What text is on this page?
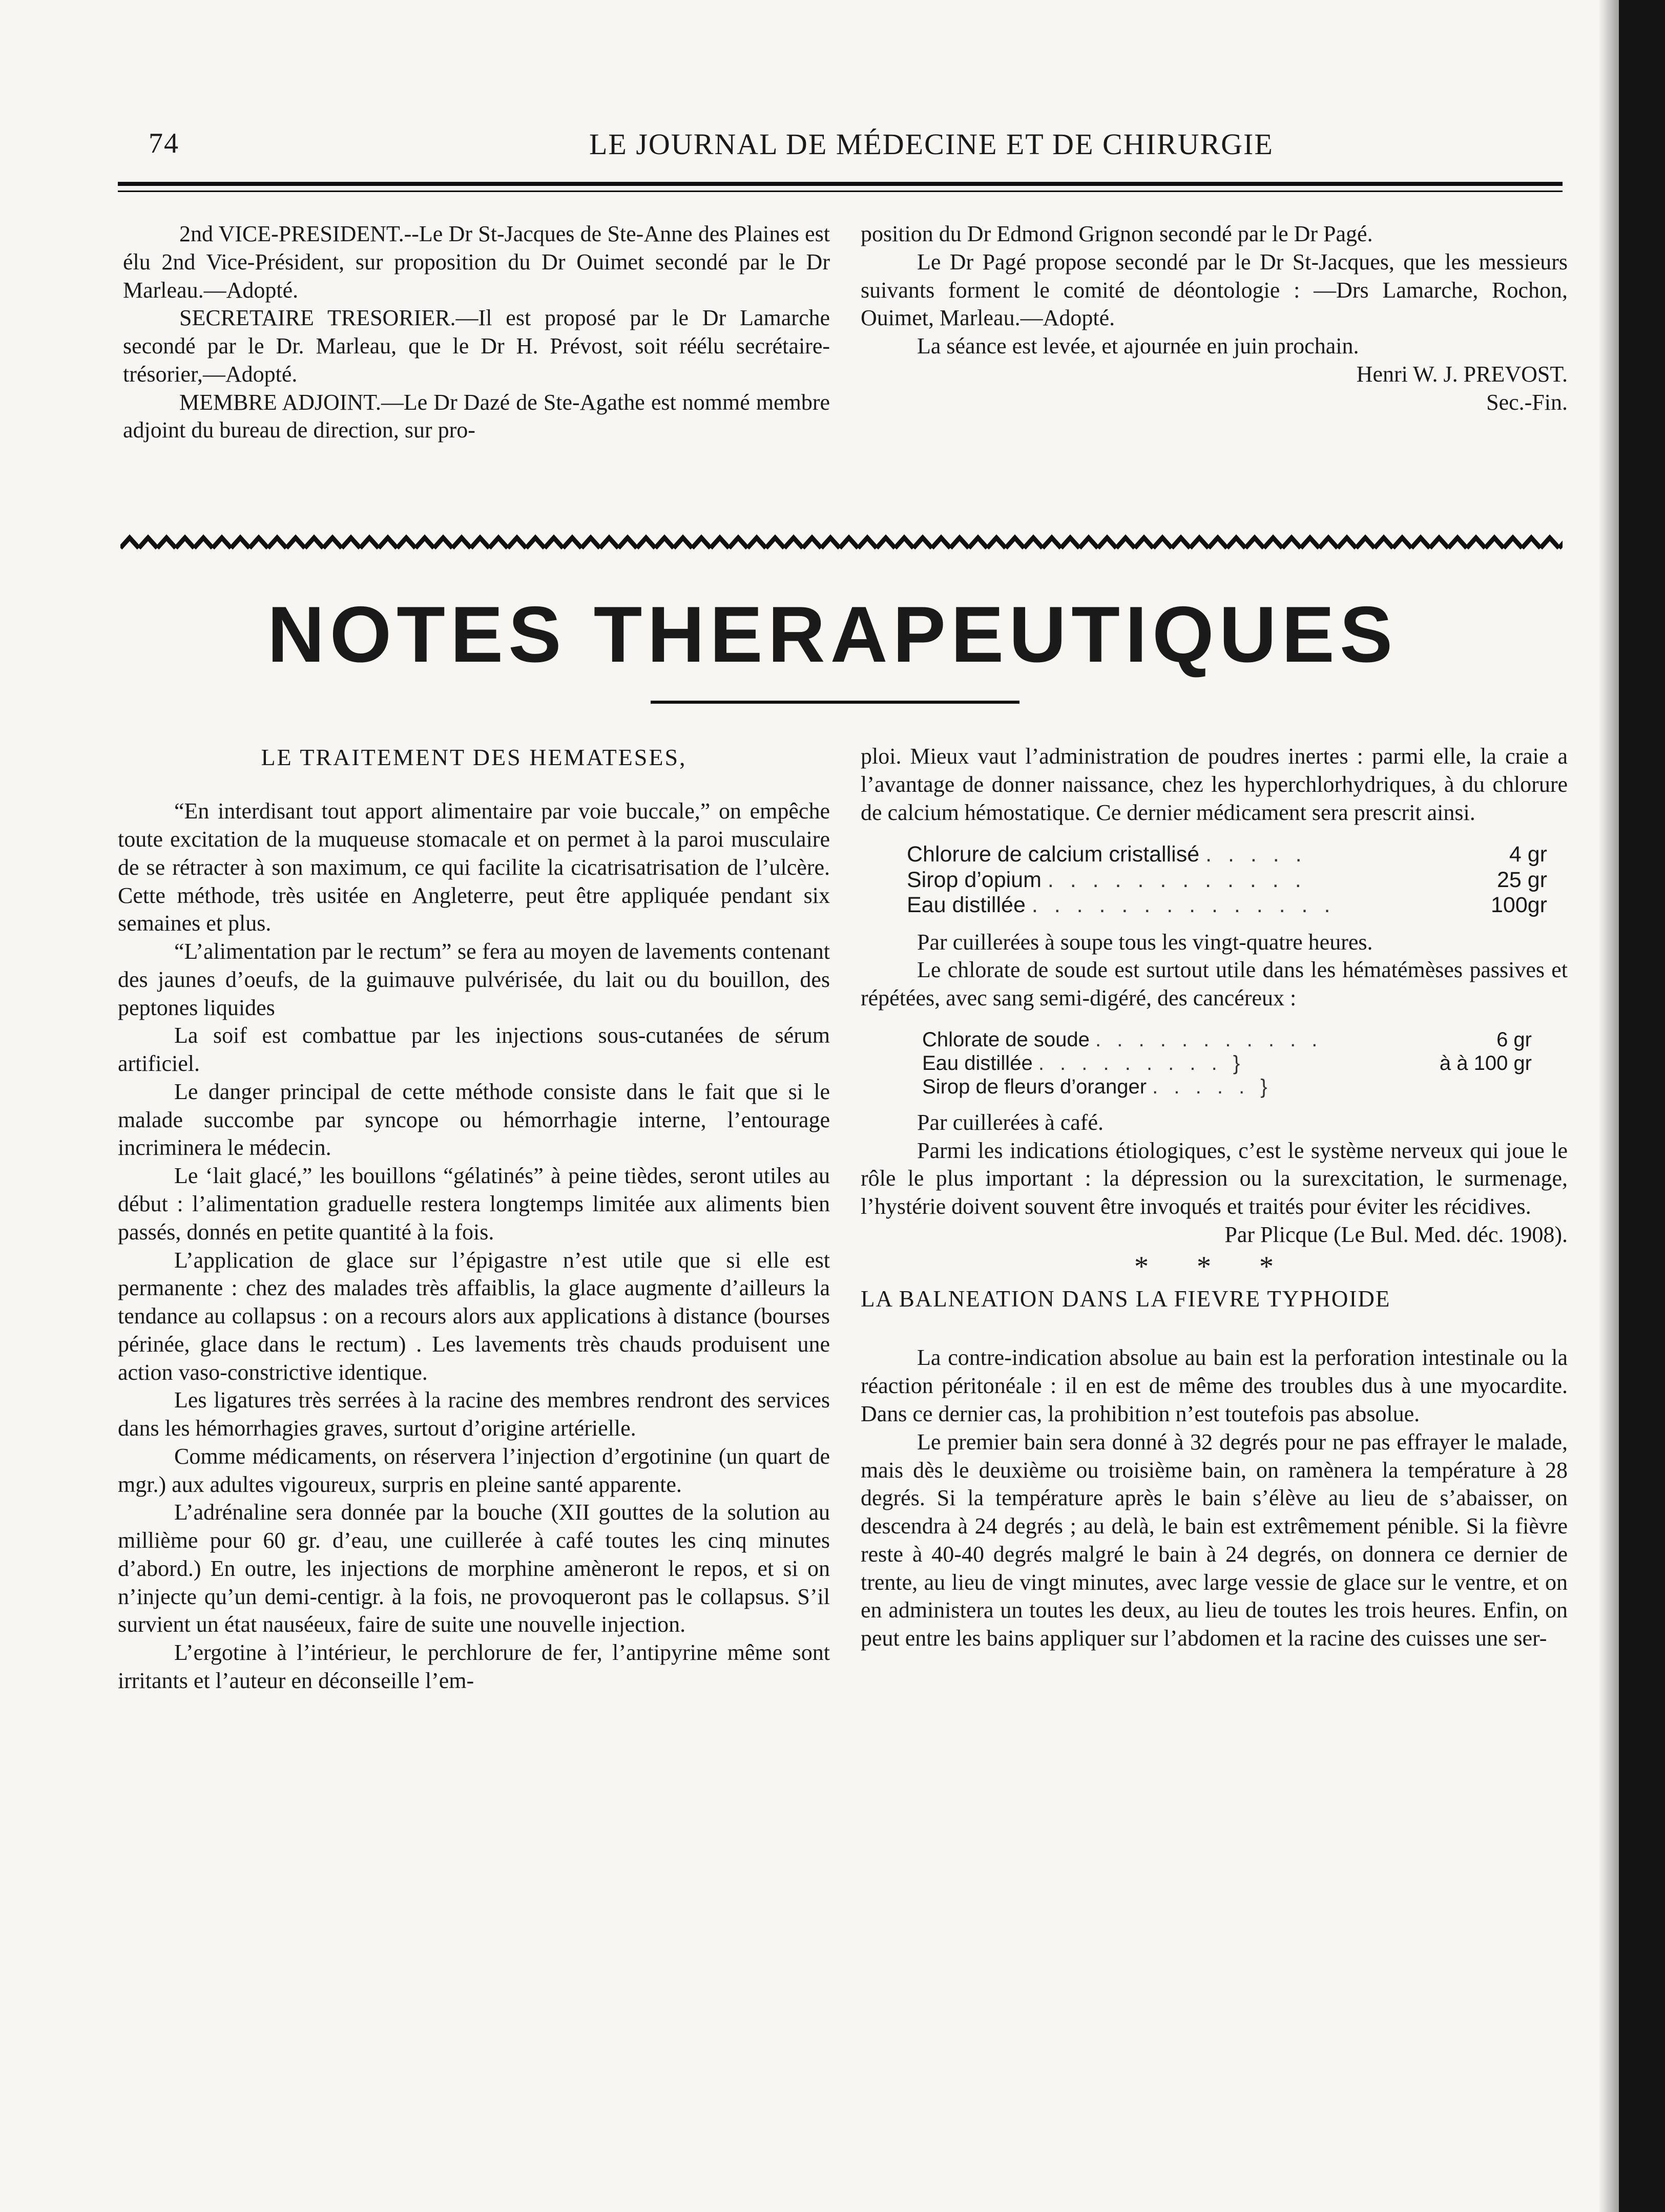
74	LE JOURNAL DE MÉDECINE ET DE CHIRURGIE

2nd VICE-PRESIDENT.--Le Dr St-Jacques de Ste-Anne des Plaines est élu 2nd Vice-Président, sur proposition du Dr Ouimet secondé par le Dr Marleau.—Adopté.

SECRETAIRE TRESORIER.—Il est proposé par le Dr Lamarche secondé par le Dr. Marleau, que le Dr H. Prévost, soit réélu secrétaire-trésorier,—Adopté.

MEMBRE ADJOINT.—Le Dr Dazé de Ste-Agathe est nommé membre adjoint du bureau de direction, sur pro-

position du Dr Edmond Grignon secondé par le Dr Pagé.

Le Dr Pagé propose secondé par le Dr St-Jacques, que les messieurs suivants forment le comité de déontologie : —Drs Lamarche, Rochon, Ouimet, Marleau.—Adopté.

La séance est levée, et ajournée en juin prochain.

Henri W. J. PREVOST.

Sec.-Fin.

NOTES THERAPEUTIQUES

LE TRAITEMENT DES HEMATESES,

“En interdisant tout apport alimentaire par voie buccale,” on empêche toute excitation de la muqueuse stomacale et on permet à la paroi musculaire de se rétracter à son maximum, ce qui facilite la cicatrisatrisation de l’ulcère. Cette méthode, très usitée en Angleterre, peut être appliquée pendant six semaines et plus.

“L’alimentation par le rectum” se fera au moyen de lavements contenant des jaunes d’oeufs, de la guimauve pulvérisée, du lait ou du bouillon, des peptones liquides

La soif est combattue par les injections sous-cutanées de sérum artificiel.

Le danger principal de cette méthode consiste dans le fait que si le malade succombe par syncope ou hémorrhagie interne, l’entourage incriminera le médecin.

Le ‘lait glacé,” les bouillons “gélatinés” à peine tièdes, seront utiles au début : l’alimentation graduelle restera longtemps limitée aux aliments bien passés, donnés en petite quantité à la fois.

L’application de glace sur l’épigastre n’est utile que si elle est permanente : chez des malades très affaiblis, la glace augmente d’ailleurs la tendance au collapsus : on a recours alors aux applications à distance (bourses périnée, glace dans le rectum) . Les lavements très chauds produisent une action vaso-constrictive identique.

Les ligatures très serrées à la racine des membres rendront des services dans les hémorrhagies graves, surtout d’origine artérielle.

Comme médicaments, on réservera l’injection d’ergotinine (un quart de mgr.) aux adultes vigoureux, surpris en pleine santé apparente.

L’adrénaline sera donnée par la bouche (XII gouttes de la solution au millième pour 60 gr. d’eau, une cuillerée à café toutes les cinq minutes d’abord.) En outre, les injections de morphine amèneront le repos, et si on n’injecte qu’un demi-centigr. à la fois, ne provoqueront pas le collapsus. S’il survient un état nauséeux, faire de suite une nouvelle injection.

L’ergotine à l’intérieur, le perchlorure de fer, l’antipyrine même sont irritants et l’auteur en déconseille l’em-

ploi. Mieux vaut l’administration de poudres inertes : parmi elle, la craie a l’avantage de donner naissance, chez les hyperchlorhydriques, à du chlorure de calcium hémostatique. Ce dernier médicament sera prescrit ainsi.

Chlorure de calcium cristallisé . . . . .	4 gr
Sirop d’opium . . . . . . . . . . . .	25 gr
Eau distillée . . . . . . . . . . . . . .	100gr

Par cuillerées à soupe tous les vingt-quatre heures.

Le chlorate de soude est surtout utile dans les hématémèses passives et répétées, avec sang semi-digéré, des cancéreux :

Chlorate de soude . . . . . . . . . . .	6 gr
Eau distillée . . . . . . . . . }	à à 100 gr
Sirop de fleurs d’oranger . . . . . }	

Par cuillerées à café.

Parmi les indications étiologiques, c’est le système nerveux qui joue le rôle le plus important : la dépression ou la surexcitation, le surmenage, l’hystérie doivent souvent être invoqués et traités pour éviter les récidives.

Par Plicque (Le Bul. Med. déc. 1908).

* * *

LA BALNEATION DANS LA FIEVRE TYPHOIDE

La contre-indication absolue au bain est la perforation intestinale ou la réaction péritonéale : il en est de même des troubles dus à une myocardite. Dans ce dernier cas, la prohibition n’est toutefois pas absolue.

Le premier bain sera donné à 32 degrés pour ne pas effrayer le malade, mais dès le deuxième ou troisième bain, on ramènera la température à 28 degrés. Si la température après le bain s’élève au lieu de s’abaisser, on descendra à 24 degrés ; au delà, le bain est extrêmement pénible. Si la fièvre reste à 40-40 degrés malgré le bain à 24 degrés, on donnera ce dernier de trente, au lieu de vingt minutes, avec large vessie de glace sur le ventre, et on en administera un toutes les deux, au lieu de toutes les trois heures. Enfin, on peut entre les bains appliquer sur l’abdomen et la racine des cuisses une ser-
